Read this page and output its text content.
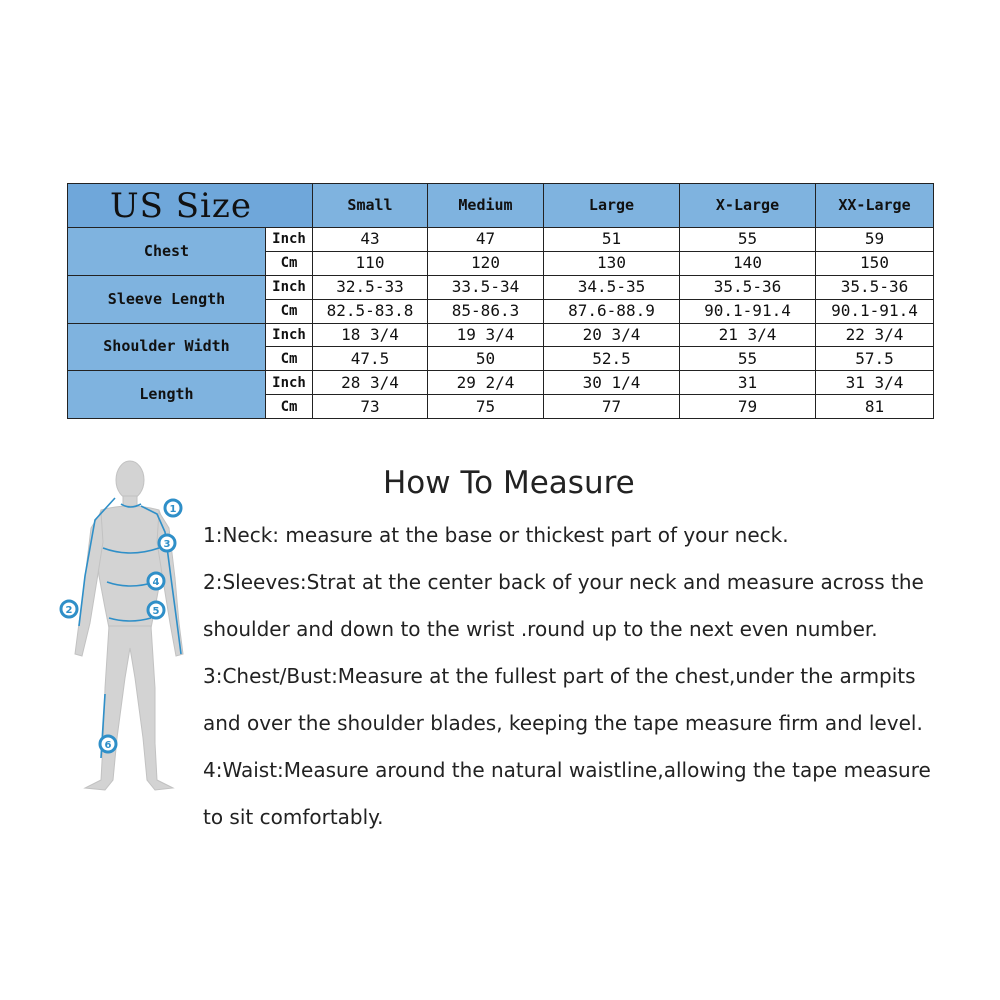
US Size		Small	Medium	Large	X-Large	XX-Large
Chest	Inch	43	47	51	55	59
	Cm	110	120	130	140	150
Sleeve Length	Inch	32.5-33	33.5-34	34.5-35	35.5-36	35.5-36
	Cm	82.5-83.8	85-86.3	87.6-88.9	90.1-91.4	90.1-91.4
Shoulder Width	Inch	18 3/4	19 3/4	20 3/4	21 3/4	22 3/4
	Cm	47.5	50	52.5	55	57.5
Length	Inch	28 3/4	29 2/4	30 1/4	31	31 3/4
	Cm	73	75	77	79	81
1
3
4
5
2
6
How To Measure
1:Neck: measure at the base or thickest part of your neck.
2:Sleeves:Strat at the center back of your neck and measure across the
shoulder and down to the wrist .round up to the next even number.
3:Chest/Bust:Measure at the fullest part of the chest,under the armpits
and over the shoulder blades, keeping the tape measure firm and level.
4:Waist:Measure around the natural waistline,allowing the tape measure
to sit comfortably.
